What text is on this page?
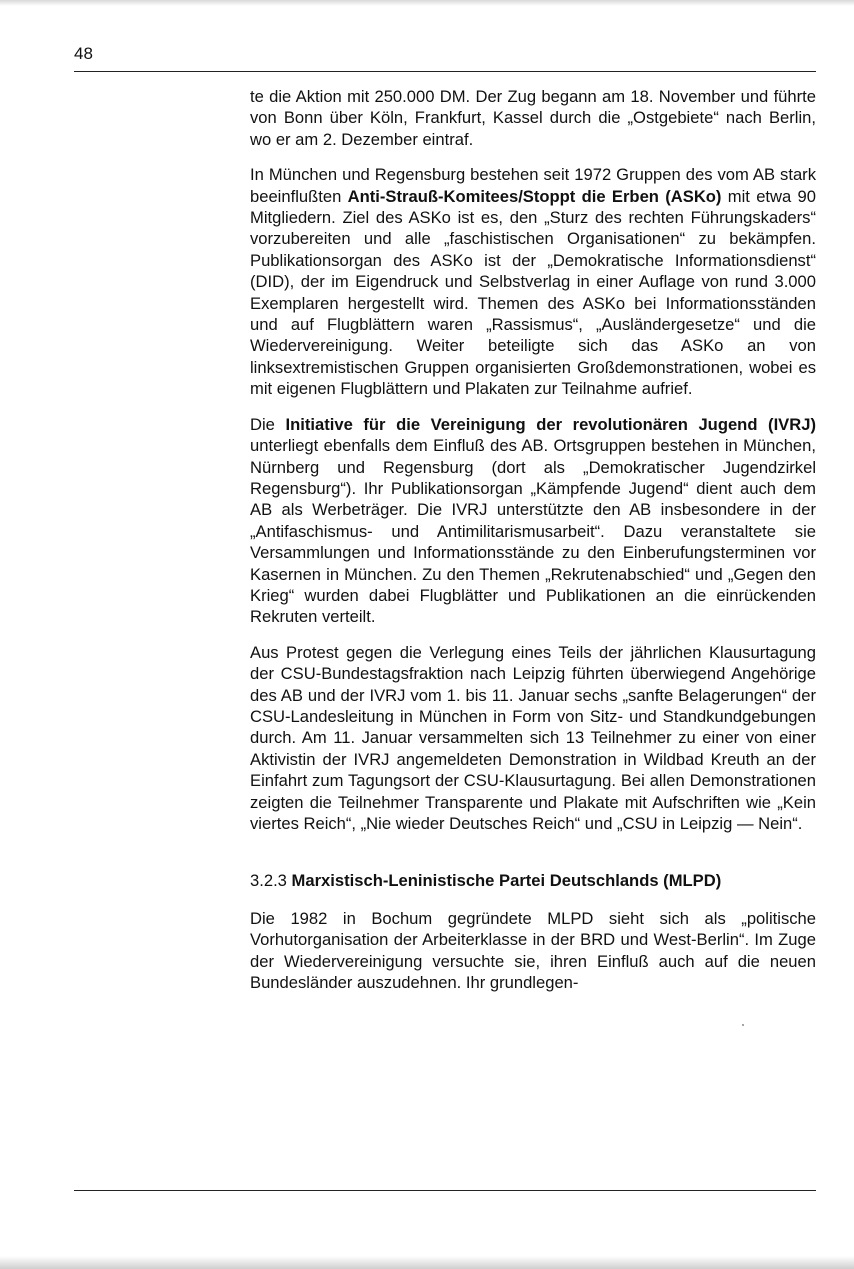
48

te die Aktion mit 250.000 DM. Der Zug begann am 18. November und führte von Bonn über Köln, Frankfurt, Kassel durch die „Ostgebiete“ nach Berlin, wo er am 2. Dezember eintraf.

In München und Regensburg bestehen seit 1972 Gruppen des vom AB stark beeinflußten Anti-Strauß-Komitees/Stoppt die Erben (ASKo) mit etwa 90 Mitgliedern. Ziel des ASKo ist es, den „Sturz des rechten Führungskaders“ vorzubereiten und alle „faschistischen Organisationen“ zu bekämpfen. Publikationsorgan des ASKo ist der „Demokratische Informationsdienst“ (DID), der im Eigendruck und Selbstverlag in einer Auflage von rund 3.000 Exemplaren hergestellt wird. Themen des ASKo bei Informationsständen und auf Flugblättern waren „Rassismus“, „Ausländergesetze“ und die Wiedervereinigung. Weiter beteiligte sich das ASKo an von linksextremistischen Gruppen organisierten Großdemonstrationen, wobei es mit eigenen Flugblättern und Plakaten zur Teilnahme aufrief.

Die Initiative für die Vereinigung der revolutionären Jugend (IVRJ) unterliegt ebenfalls dem Einfluß des AB. Ortsgruppen bestehen in München, Nürnberg und Regensburg (dort als „Demokratischer Jugendzirkel Regensburg“). Ihr Publikationsorgan „Kämpfende Jugend“ dient auch dem AB als Werbeträger. Die IVRJ unterstützte den AB insbesondere in der „Antifaschismus- und Antimilitarismusarbeit“. Dazu veranstaltete sie Versammlungen und Informationsstände zu den Einberufungsterminen vor Kasernen in München. Zu den Themen „Rekrutenabschied“ und „Gegen den Krieg“ wurden dabei Flugblätter und Publikationen an die einrückenden Rekruten verteilt.

Aus Protest gegen die Verlegung eines Teils der jährlichen Klausurtagung der CSU-Bundestagsfraktion nach Leipzig führten überwiegend Angehörige des AB und der IVRJ vom 1. bis 11. Januar sechs „sanfte Belagerungen“ der CSU-Landesleitung in München in Form von Sitz- und Standkundgebungen durch. Am 11. Januar versammelten sich 13 Teilnehmer zu einer von einer Aktivistin der IVRJ angemeldeten Demonstration in Wildbad Kreuth an der Einfahrt zum Tagungsort der CSU-Klausurtagung. Bei allen Demonstrationen zeigten die Teilnehmer Transparente und Plakate mit Aufschriften wie „Kein viertes Reich“, „Nie wieder Deutsches Reich“ und „CSU in Leipzig — Nein“.

3.2.3 Marxistisch-Leninistische Partei Deutschlands (MLPD)

Die 1982 in Bochum gegründete MLPD sieht sich als „politische Vorhutorganisation der Arbeiterklasse in der BRD und West-Berlin“. Im Zuge der Wiedervereinigung versuchte sie, ihren Einfluß auch auf die neuen Bundesländer auszudehnen. Ihr grundlegen-
